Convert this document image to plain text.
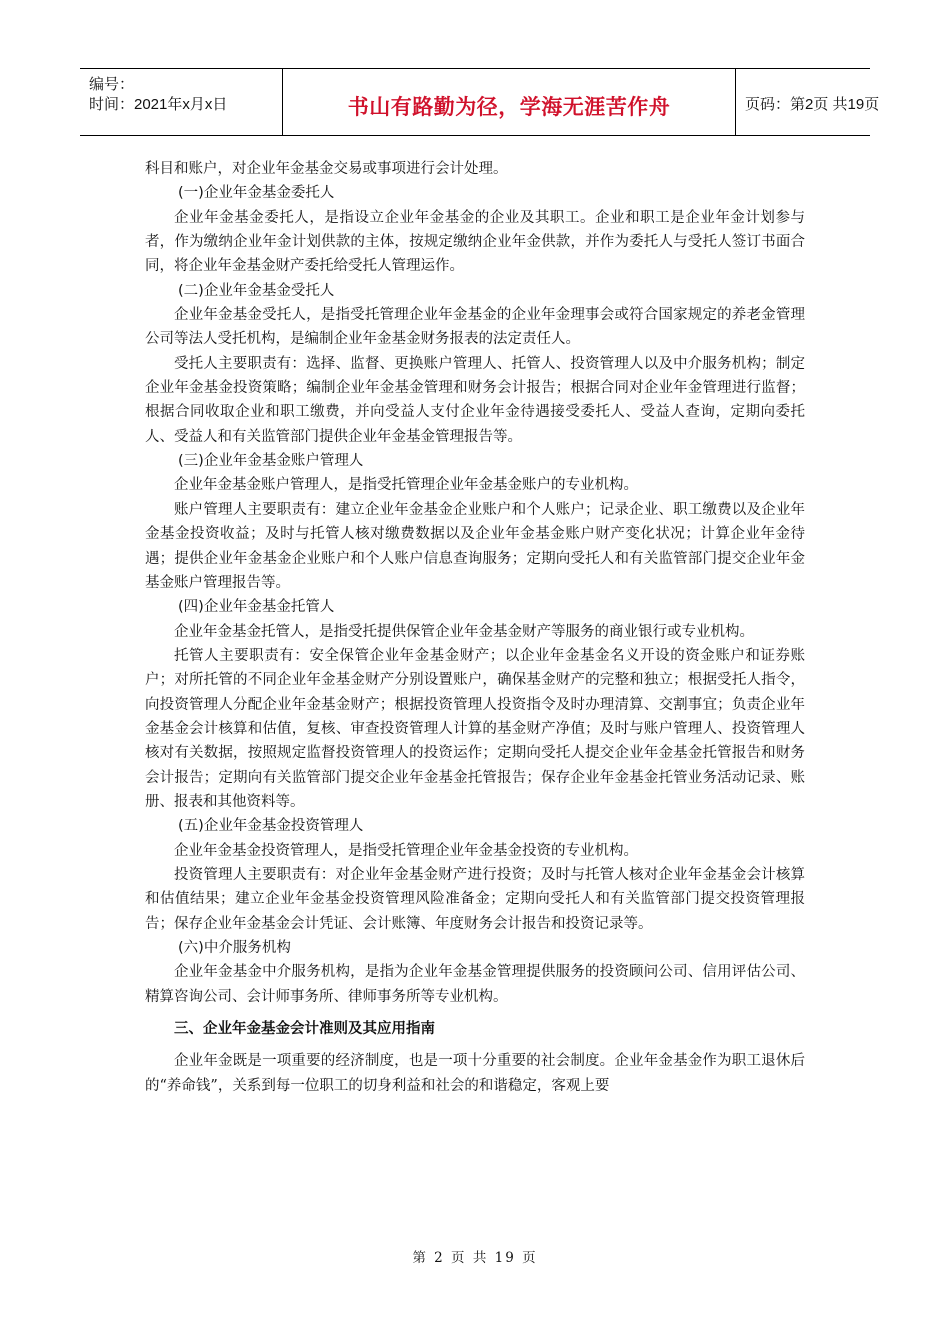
编号：
时间：2021年x月x日	书山有路勤为径，学海无涯苦作舟	页码：第2页 共19页

科目和账户，对企业年金基金交易或事项进行会计处理。

(一)企业年金基金委托人

企业年金基金委托人，是指设立企业年金基金的企业及其职工。企业和职工是企业年金计划参与者，作为缴纳企业年金计划供款的主体，按规定缴纳企业年金供款，并作为委托人与受托人签订书面合同，将企业年金基金财产委托给受托人管理运作。

(二)企业年金基金受托人

企业年金基金受托人，是指受托管理企业年金基金的企业年金理事会或符合国家规定的养老金管理公司等法人受托机构，是编制企业年金基金财务报表的法定责任人。

受托人主要职责有：选择、监督、更换账户管理人、托管人、投资管理人以及中介服务机构；制定企业年金基金投资策略；编制企业年金基金管理和财务会计报告；根据合同对企业年金管理进行监督；根据合同收取企业和职工缴费，并向受益人支付企业年金待遇接受委托人、受益人查询，定期向委托人、受益人和有关监管部门提供企业年金基金管理报告等。

(三)企业年金基金账户管理人

企业年金基金账户管理人，是指受托管理企业年金基金账户的专业机构。

账户管理人主要职责有：建立企业年金基金企业账户和个人账户；记录企业、职工缴费以及企业年金基金投资收益；及时与托管人核对缴费数据以及企业年金基金账户财产变化状况；计算企业年金待遇；提供企业年金基金企业账户和个人账户信息查询服务；定期向受托人和有关监管部门提交企业年金基金账户管理报告等。

(四)企业年金基金托管人

企业年金基金托管人，是指受托提供保管企业年金基金财产等服务的商业银行或专业机构。

托管人主要职责有：安全保管企业年金基金财产；以企业年金基金名义开设的资金账户和证券账户；对所托管的不同企业年金基金财产分别设置账户，确保基金财产的完整和独立；根据受托人指令，向投资管理人分配企业年金基金财产；根据投资管理人投资指令及时办理清算、交割事宜；负责企业年金基金会计核算和估值，复核、审查投资管理人计算的基金财产净值；及时与账户管理人、投资管理人核对有关数据，按照规定监督投资管理人的投资运作；定期向受托人提交企业年金基金托管报告和财务会计报告；定期向有关监管部门提交企业年金基金托管报告；保存企业年金基金托管业务活动记录、账册、报表和其他资料等。

(五)企业年金基金投资管理人

企业年金基金投资管理人，是指受托管理企业年金基金投资的专业机构。

投资管理人主要职责有：对企业年金基金财产进行投资；及时与托管人核对企业年金基金会计核算和估值结果；建立企业年金基金投资管理风险准备金；定期向受托人和有关监管部门提交投资管理报告；保存企业年金基金会计凭证、会计账簿、年度财务会计报告和投资记录等。

(六)中介服务机构

企业年金基金中介服务机构，是指为企业年金基金管理提供服务的投资顾问公司、信用评估公司、精算咨询公司、会计师事务所、律师事务所等专业机构。

三、企业年金基金会计准则及其应用指南

企业年金既是一项重要的经济制度，也是一项十分重要的社会制度。企业年金基金作为职工退休后的“养命钱”，关系到每一位职工的切身利益和社会的和谐稳定，客观上要

第 2 页 共 19 页
